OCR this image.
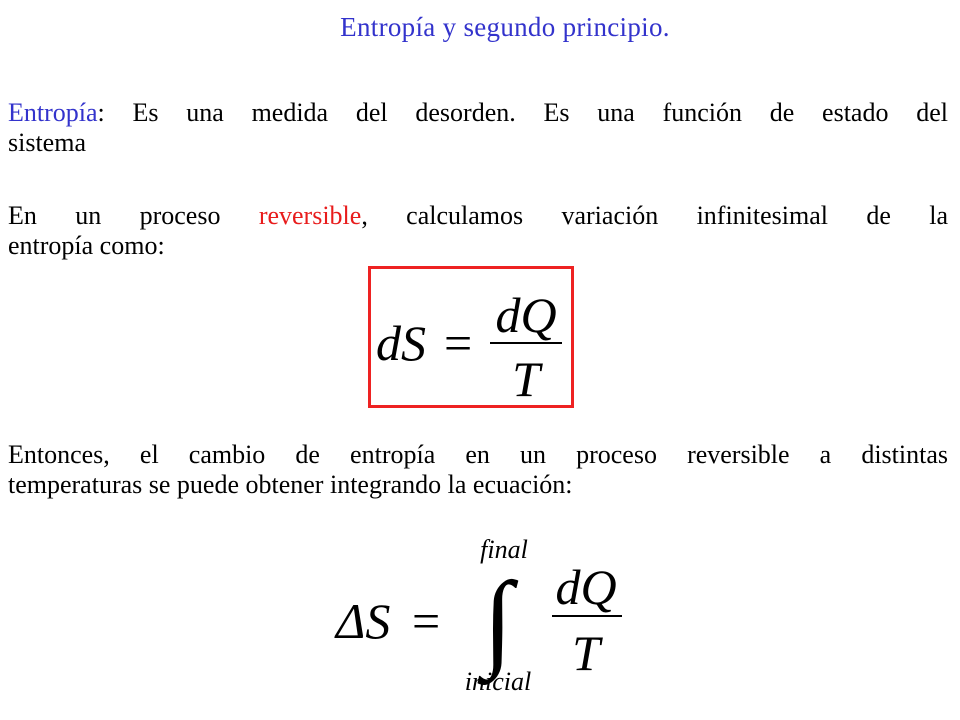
Entropía y segundo principio.
Entropía: Es una medida del desorden. Es una función de estado del
sistema
En un proceso reversible, calculamos variación infinitesimal de la
entropía como:
dS = dQ
T
Entonces, el cambio de entropía en un proceso reversible a distintas
temperaturas se puede obtener integrando la ecuación:
ΔS =
final
∫
inicial
dQ
T
